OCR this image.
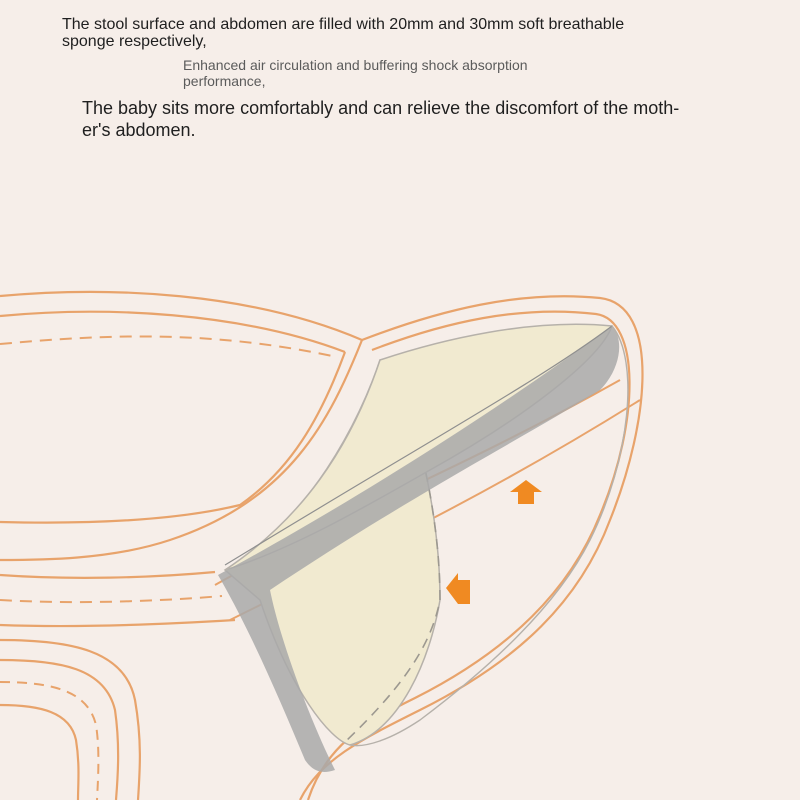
The stool surface and abdomen are filled with 20mm and 30mm soft breathable
sponge respectively,
Enhanced air circulation and buffering shock absorption
performance,
The baby sits more comfortably and can relieve the discomfort of the moth-
er's abdomen.
